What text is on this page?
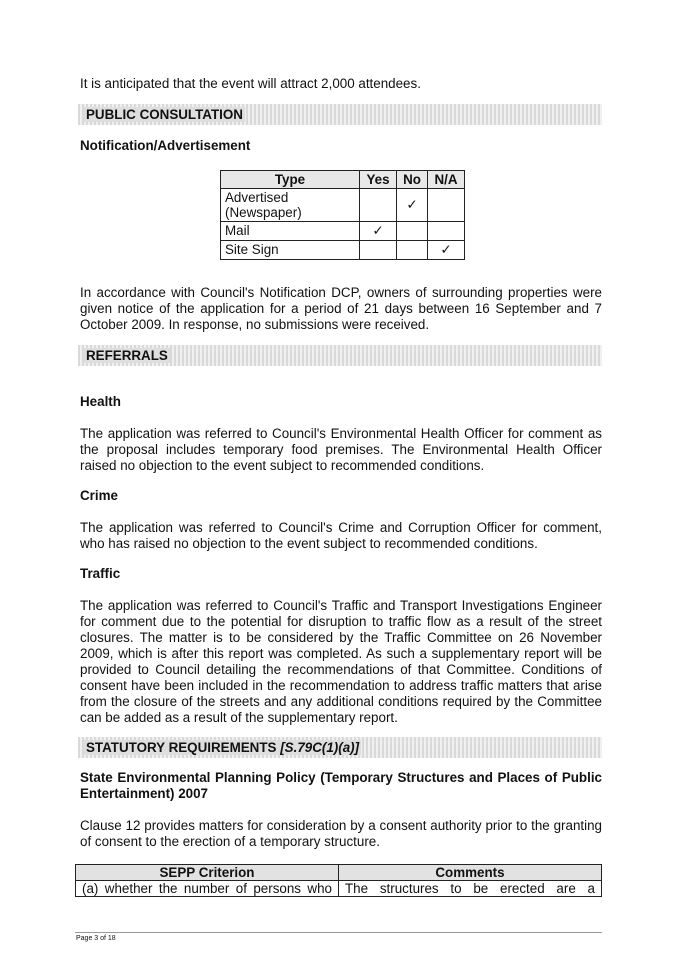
It is anticipated that the event will attract 2,000 attendees.

PUBLIC CONSULTATION
Notification/Advertisement
Type	Yes	No	N/A
Advertised (Newspaper)		✓	
Mail	✓		
Site Sign			✓

In accordance with Council's Notification DCP, owners of surrounding properties were given notice of the application for a period of 21 days between 16 September and 7 October 2009. In response, no submissions were received.

REFERRALS
Health

The application was referred to Council's Environmental Health Officer for comment as the proposal includes temporary food premises. The Environmental Health Officer raised no objection to the event subject to recommended conditions.

Crime

The application was referred to Council's Crime and Corruption Officer for comment, who has raised no objection to the event subject to recommended conditions.

Traffic

The application was referred to Council's Traffic and Transport Investigations Engineer for comment due to the potential for disruption to traffic flow as a result of the street closures. The matter is to be considered by the Traffic Committee on 26 November 2009, which is after this report was completed. As such a supplementary report will be provided to Council detailing the recommendations of that Committee. Conditions of consent have been included in the recommendation to address traffic matters that arise from the closure of the streets and any additional conditions required by the Committee can be added as a result of the supplementary report.

STATUTORY REQUIREMENTS [S.79C(1)(a)]
State Environmental Planning Policy (Temporary Structures and Places of Public Entertainment) 2007

Clause 12 provides matters for consideration by a consent authority prior to the granting of consent to the erection of a temporary structure.

SEPP Criterion	Comments
(a) whether the number of persons who	The structures to be erected are a
Page 3 of 18
